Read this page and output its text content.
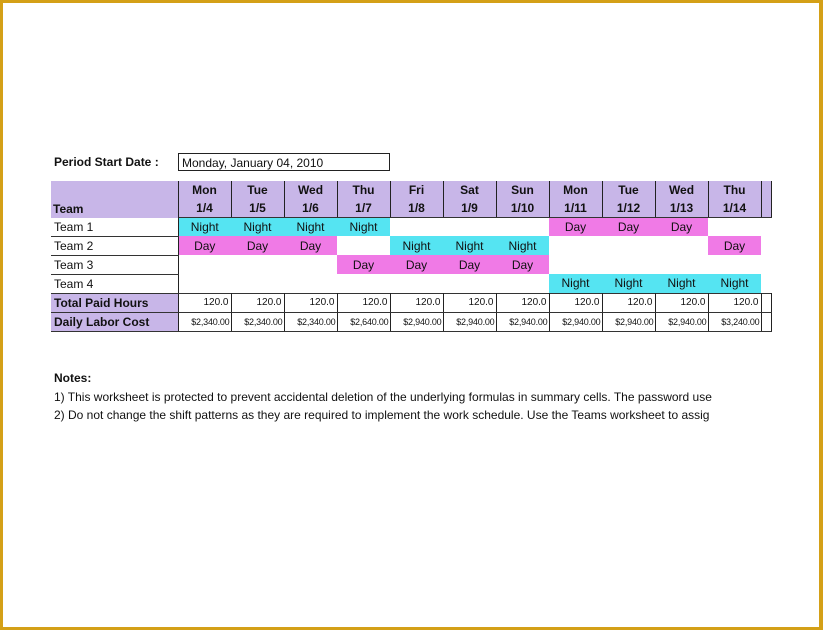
Period Start Date :	Monday, January 04, 2010
Team	Mon	Tue	Wed	Thu	Fri	Sat	Sun	Mon	Tue	Wed	Thu	
	1/4	1/5	1/6	1/7	1/8	1/9	1/10	1/11	1/12	1/13	1/14	
Team 1	Night	Night	Night	Night				Day	Day	Day		
Team 2	Day	Day	Day		Night	Night	Night				Day	
Team 3				Day	Day	Day	Day					
Team 4								Night	Night	Night	Night	
Total Paid Hours	120.0	120.0	120.0	120.0	120.0	120.0	120.0	120.0	120.0	120.0	120.0	
Daily Labor Cost	$2,340.00	$2,340.00	$2,340.00	$2,640.00	$2,940.00	$2,940.00	$2,940.00	$2,940.00	$2,940.00	$2,940.00	$3,240.00	
Notes:
1) This worksheet is protected to prevent accidental deletion of the underlying formulas in summary cells. The password use
2) Do not change the shift patterns as they are required to implement the work schedule. Use the Teams worksheet to assig
